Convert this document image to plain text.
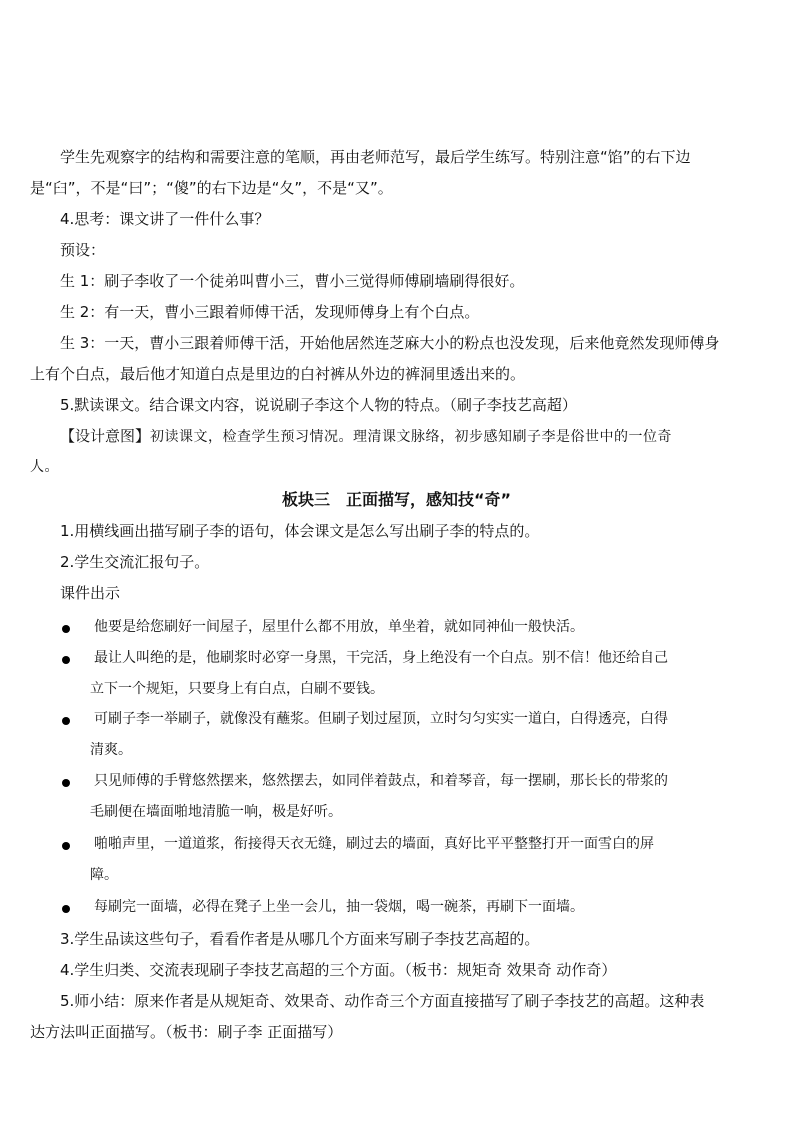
学生先观察字的结构和需要注意的笔顺，再由老师范写，最后学生练写。特别注意“馅”的右下边

是“臼”，不是“曰”；“傻”的右下边是“夂”，不是“又”。

4.思考：课文讲了一件什么事？

预设：

生 1：刷子李收了一个徒弟叫曹小三，曹小三觉得师傅刷墙刷得很好。

生 2：有一天，曹小三跟着师傅干活，发现师傅身上有个白点。

生 3：一天，曹小三跟着师傅干活，开始他居然连芝麻大小的粉点也没发现，后来他竟然发现师傅身

上有个白点，最后他才知道白点是里边的白衬裤从外边的裤洞里透出来的。

5.默读课文。结合课文内容，说说刷子李这个人物的特点。（刷子李技艺高超）

【设计意图】初读课文，检查学生预习情况。理清课文脉络，初步感知刷子李是俗世中的一位奇

人。

板块三　正面描写，感知技“奇”

1.用横线画出描写刷子李的语句，体会课文是怎么写出刷子李的特点的。

2.学生交流汇报句子。

课件出示

他要是给您刷好一间屋子，屋里什么都不用放，单坐着，就如同神仙一般快活。
最让人叫绝的是，他刷浆时必穿一身黑，干完活，身上绝没有一个白点。别不信！他还给自己
立下一个规矩，只要身上有白点，白刷不要钱。
可刷子李一举刷子，就像没有蘸浆。但刷子划过屋顶，立时匀匀实实一道白，白得透亮，白得
清爽。
只见师傅的手臂悠然摆来，悠然摆去，如同伴着鼓点，和着琴音，每一摆刷，那长长的带浆的
毛刷便在墙面啪地清脆一响，极是好听。
啪啪声里，一道道浆，衔接得天衣无缝，刷过去的墙面，真好比平平整整打开一面雪白的屏
障。
每刷完一面墙，必得在凳子上坐一会儿，抽一袋烟，喝一碗茶，再刷下一面墙。

3.学生品读这些句子，看看作者是从哪几个方面来写刷子李技艺高超的。

4.学生归类、交流表现刷子李技艺高超的三个方面。（板书：规矩奇 效果奇 动作奇）

5.师小结：原来作者是从规矩奇、效果奇、动作奇三个方面直接描写了刷子李技艺的高超。这种表

达方法叫正面描写。（板书：刷子李 正面描写）
